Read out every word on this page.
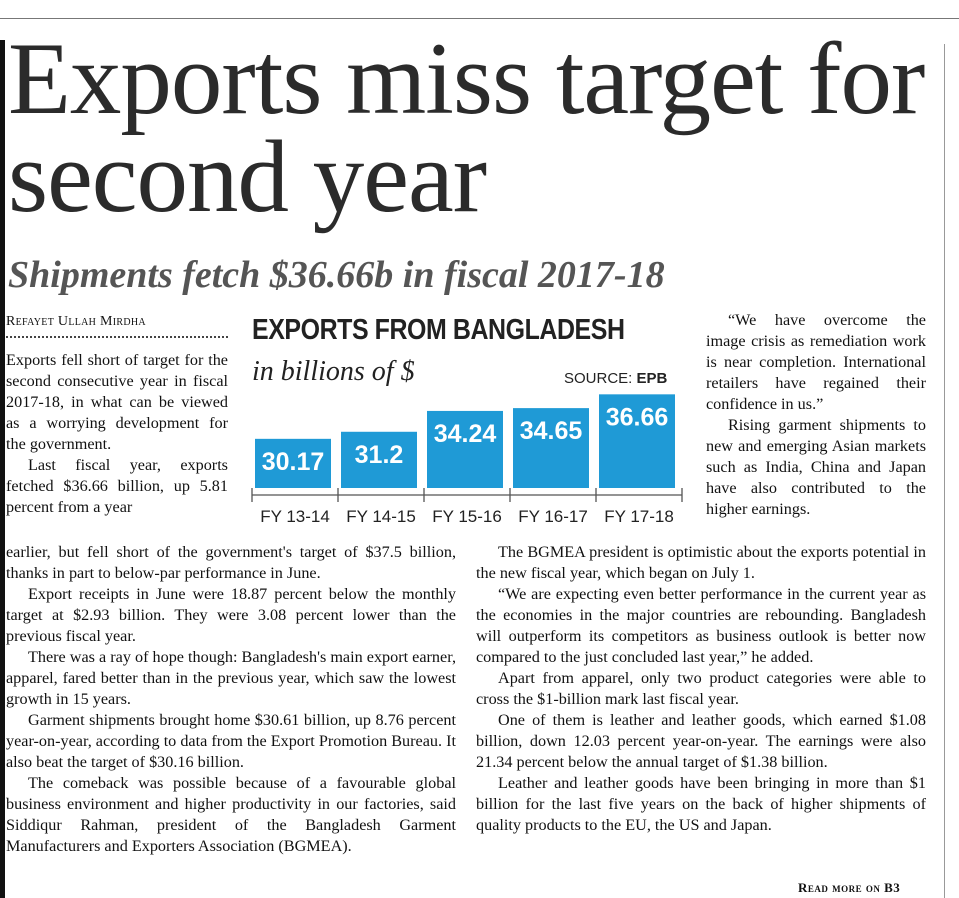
Exports miss target for second year
Shipments fetch $36.66b in fiscal 2017-18
Refayet Ullah Mirdha

Exports fell short of target for the second consecutive year in fiscal 2017-18, in what can be viewed as a worrying development for the government.

Last fiscal year, exports fetched $36.66 billion, up 5.81 percent from a year

earlier, but fell short of the government's target of $37.5 billion, thanks in part to below-par performance in June.

Export receipts in June were 18.87 percent below the monthly target at $2.93 billion. They were 3.08 percent lower than the previous fiscal year.

There was a ray of hope though: Bangladesh's main export earner, apparel, fared better than in the previous year, which saw the lowest growth in 15 years.

Garment shipments brought home $30.61 billion, up 8.76 percent year-on-year, according to data from the Export Promotion Bureau. It also beat the target of $30.16 billion.

The comeback was possible because of a favourable global business environment and higher productivity in our factories, said Siddiqur Rahman, president of the Bangladesh Garment Manufacturers and Exporters Association (BGMEA).

“We have overcome the image crisis as remediation work is near completion. International retailers have regained their confidence in us.”

Rising garment shipments to new and emerging Asian markets such as India, China and Japan have also contributed to the higher earnings.

The BGMEA president is optimistic about the exports potential in the new fiscal year, which began on July 1.

“We are expecting even better performance in the current year as the economies in the major countries are rebounding. Bangladesh will outperform its competitors as business outlook is better now compared to the just concluded last year,” he added.

Apart from apparel, only two product categories were able to cross the $1-billion mark last fiscal year.

One of them is leather and leather goods, which earned $1.08 billion, down 12.03 percent year-on-year. The earnings were also 21.34 percent below the annual target of $1.38 billion.

Leather and leather goods have been bringing in more than $1 billion for the last five years on the back of higher shipments of quality products to the EU, the US and Japan.

EXPORTS FROM BANGLADESH
in billions of $	SOURCE: EPB
30.17
FY 13-14
31.2
FY 14-15
34.24
FY 15-16
34.65
FY 16-17
36.66
FY 17-18
Read more on B3
